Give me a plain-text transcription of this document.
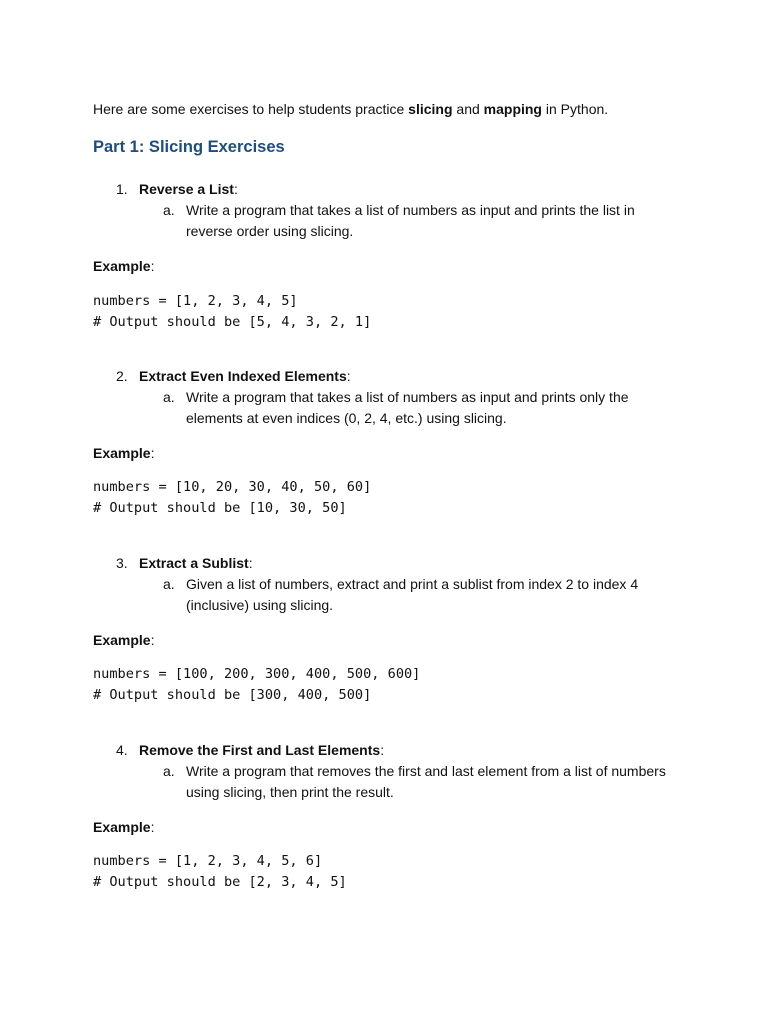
Here are some exercises to help students practice slicing and mapping in Python.

Part 1: Slicing Exercises
1. Reverse a List:
a. Write a program that takes a list of numbers as input and prints the list in reverse order using slicing.
Example:
numbers = [1, 2, 3, 4, 5]
# Output should be [5, 4, 3, 2, 1]
2. Extract Even Indexed Elements:
a. Write a program that takes a list of numbers as input and prints only the elements at even indices (0, 2, 4, etc.) using slicing.
Example:
numbers = [10, 20, 30, 40, 50, 60]
# Output should be [10, 30, 50]
3. Extract a Sublist:
a. Given a list of numbers, extract and print a sublist from index 2 to index 4 (inclusive) using slicing.
Example:
numbers = [100, 200, 300, 400, 500, 600]
# Output should be [300, 400, 500]
4. Remove the First and Last Elements:
a. Write a program that removes the first and last element from a list of numbers using slicing, then print the result.
Example:
numbers = [1, 2, 3, 4, 5, 6]
# Output should be [2, 3, 4, 5]
